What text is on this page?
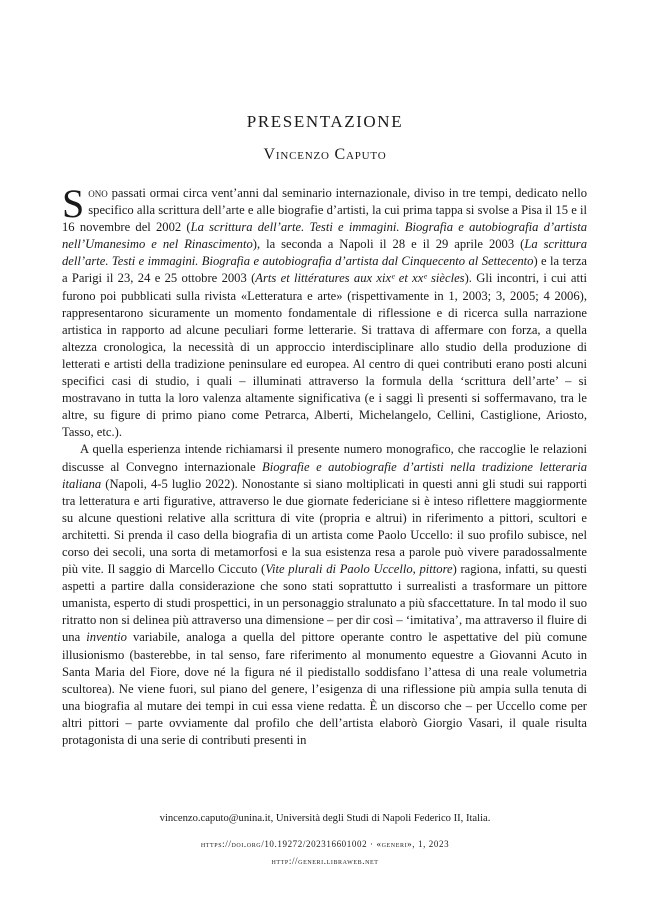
PRESENTAZIONE
Vincenzo Caputo

Sono passati ormai circa vent’anni dal seminario internazionale, diviso in tre tempi, dedicato nello specifico alla scrittura dell’arte e alle biografie d’artisti, la cui prima tappa si svolse a Pisa il 15 e il 16 novembre del 2002 (La scrittura dell’arte. Testi e immagini. Biografia e autobiografia d’artista nell’Umanesimo e nel Rinascimento), la seconda a Napoli il 28 e il 29 aprile 2003 (La scrittura dell’arte. Testi e immagini. Biografia e autobiografia d’artista dal Cinquecento al Settecento) e la terza a Parigi il 23, 24 e 25 ottobre 2003 (Arts et littératures aux xixᵉ et xxᵉ siècles). Gli incontri, i cui atti furono poi pubblicati sulla rivista «Letteratura e arte» (rispettivamente in 1, 2003; 3, 2005; 4 2006), rappresentarono sicuramente un momento fondamentale di riflessione e di ricerca sulla narrazione artistica in rapporto ad alcune peculiari forme letterarie. Si trattava di affermare con forza, a quella altezza cronologica, la necessità di un approccio interdisciplinare allo studio della produzione di letterati e artisti della tradizione peninsulare ed europea. Al centro di quei contributi erano posti alcuni specifici casi di studio, i quali – illuminati attraverso la formula della ‘scrittura dell’arte’ – si mostravano in tutta la loro valenza altamente significativa (e i saggi lì presenti si soffermavano, tra le altre, su figure di primo piano come Petrarca, Alberti, Michelangelo, Cellini, Castiglione, Ariosto, Tasso, etc.).

A quella esperienza intende richiamarsi il presente numero monografico, che raccoglie le relazioni discusse al Convegno internazionale Biografie e autobiografie d’artisti nella tradizione letteraria italiana (Napoli, 4-5 luglio 2022). Nonostante si siano moltiplicati in questi anni gli studi sui rapporti tra letteratura e arti figurative, attraverso le due giornate federiciane si è inteso riflettere maggiormente su alcune questioni relative alla scrittura di vite (propria e altrui) in riferimento a pittori, scultori e architetti. Si prenda il caso della biografia di un artista come Paolo Uccello: il suo profilo subisce, nel corso dei secoli, una sorta di metamorfosi e la sua esistenza resa a parole può vivere paradossalmente più vite. Il saggio di Marcello Ciccuto (Vite plurali di Paolo Uccello, pittore) ragiona, infatti, su questi aspetti a partire dalla considerazione che sono stati soprattutto i surrealisti a trasformare un pittore umanista, esperto di studi prospettici, in un personaggio stralunato a più sfaccettature. In tal modo il suo ritratto non si delinea più attraverso una dimensione – per dir così – ‘imitativa’, ma attraverso il fluire di una inventio variabile, analoga a quella del pittore operante contro le aspettative del più comune illusionismo (basterebbe, in tal senso, fare riferimento al monumento equestre a Giovanni Acuto in Santa Maria del Fiore, dove né la figura né il piedistallo soddisfano l’attesa di una reale volumetria scultorea). Ne viene fuori, sul piano del genere, l’esigenza di una riflessione più ampia sulla tenuta di una biografia al mutare dei tempi in cui essa viene redatta. È un discorso che – per Uccello come per altri pittori – parte ovviamente dal profilo che dell’artista elaborò Giorgio Vasari, il quale risulta protagonista di una serie di contributi presenti in

vincenzo.caputo@unina.it, Università degli Studi di Napoli Federico II, Italia.
https://doi.org/10.19272/202316601002 · «generi», 1, 2023
http://generi.libraweb.net
